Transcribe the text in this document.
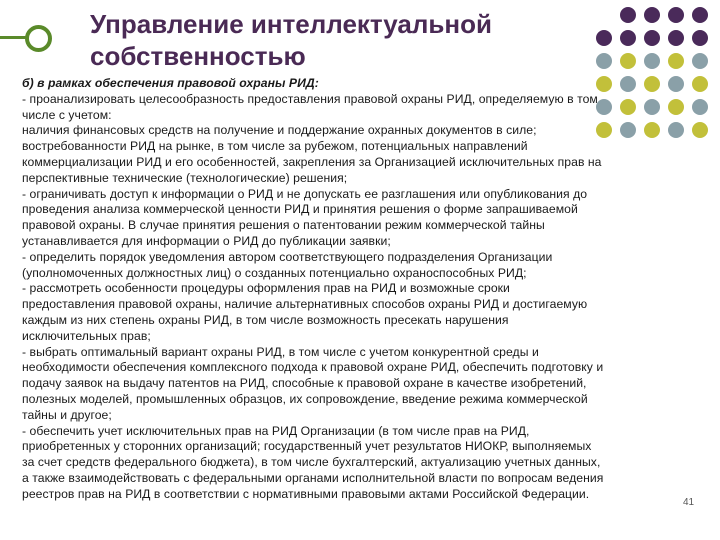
Управление интеллектуальной
собственностью
б) в рамках обеспечения правовой охраны РИД:
- проанализировать целесообразность предоставления правовой охраны РИД, определяемую в том
числе с учетом:
наличия финансовых средств на получение и поддержание охранных документов в силе;
востребованности РИД на рынке, в том числе за рубежом, потенциальных направлений
коммерциализации РИД и его особенностей, закрепления за Организацией исключительных прав на
перспективные технические (технологические) решения;
- ограничивать доступ к информации о РИД и не допускать ее разглашения или опубликования до
проведения анализа коммерческой ценности РИД и принятия решения о форме запрашиваемой
правовой охраны. В случае принятия решения о патентовании режим коммерческой тайны
устанавливается для информации о РИД до публикации заявки;
- определить порядок уведомления автором соответствующего подразделения Организации
(уполномоченных должностных лиц) о созданных потенциально охраноспособных РИД;
- рассмотреть особенности процедуры оформления прав на РИД и возможные сроки
предоставления правовой охраны, наличие альтернативных способов охраны РИД и достигаемую
каждым из них степень охраны РИД, в том числе возможность пресекать нарушения
исключительных прав;
- выбрать оптимальный вариант охраны РИД, в том числе с учетом конкурентной среды и
необходимости обеспечения комплексного подхода к правовой охране РИД, обеспечить подготовку и
подачу заявок на выдачу патентов на РИД, способные к правовой охране в качестве изобретений,
полезных моделей, промышленных образцов, их сопровождение, введение режима коммерческой
тайны и другое;
- обеспечить учет исключительных прав на РИД Организации (в том числе прав на РИД,
приобретенных у сторонних организаций; государственный учет результатов НИОКР, выполняемых
за счет средств федерального бюджета), в том числе бухгалтерский, актуализацию учетных данных,
а также взаимодействовать с федеральными органами исполнительной власти по вопросам ведения
реестров прав на РИД в соответствии с нормативными правовыми актами Российской Федерации.
41
